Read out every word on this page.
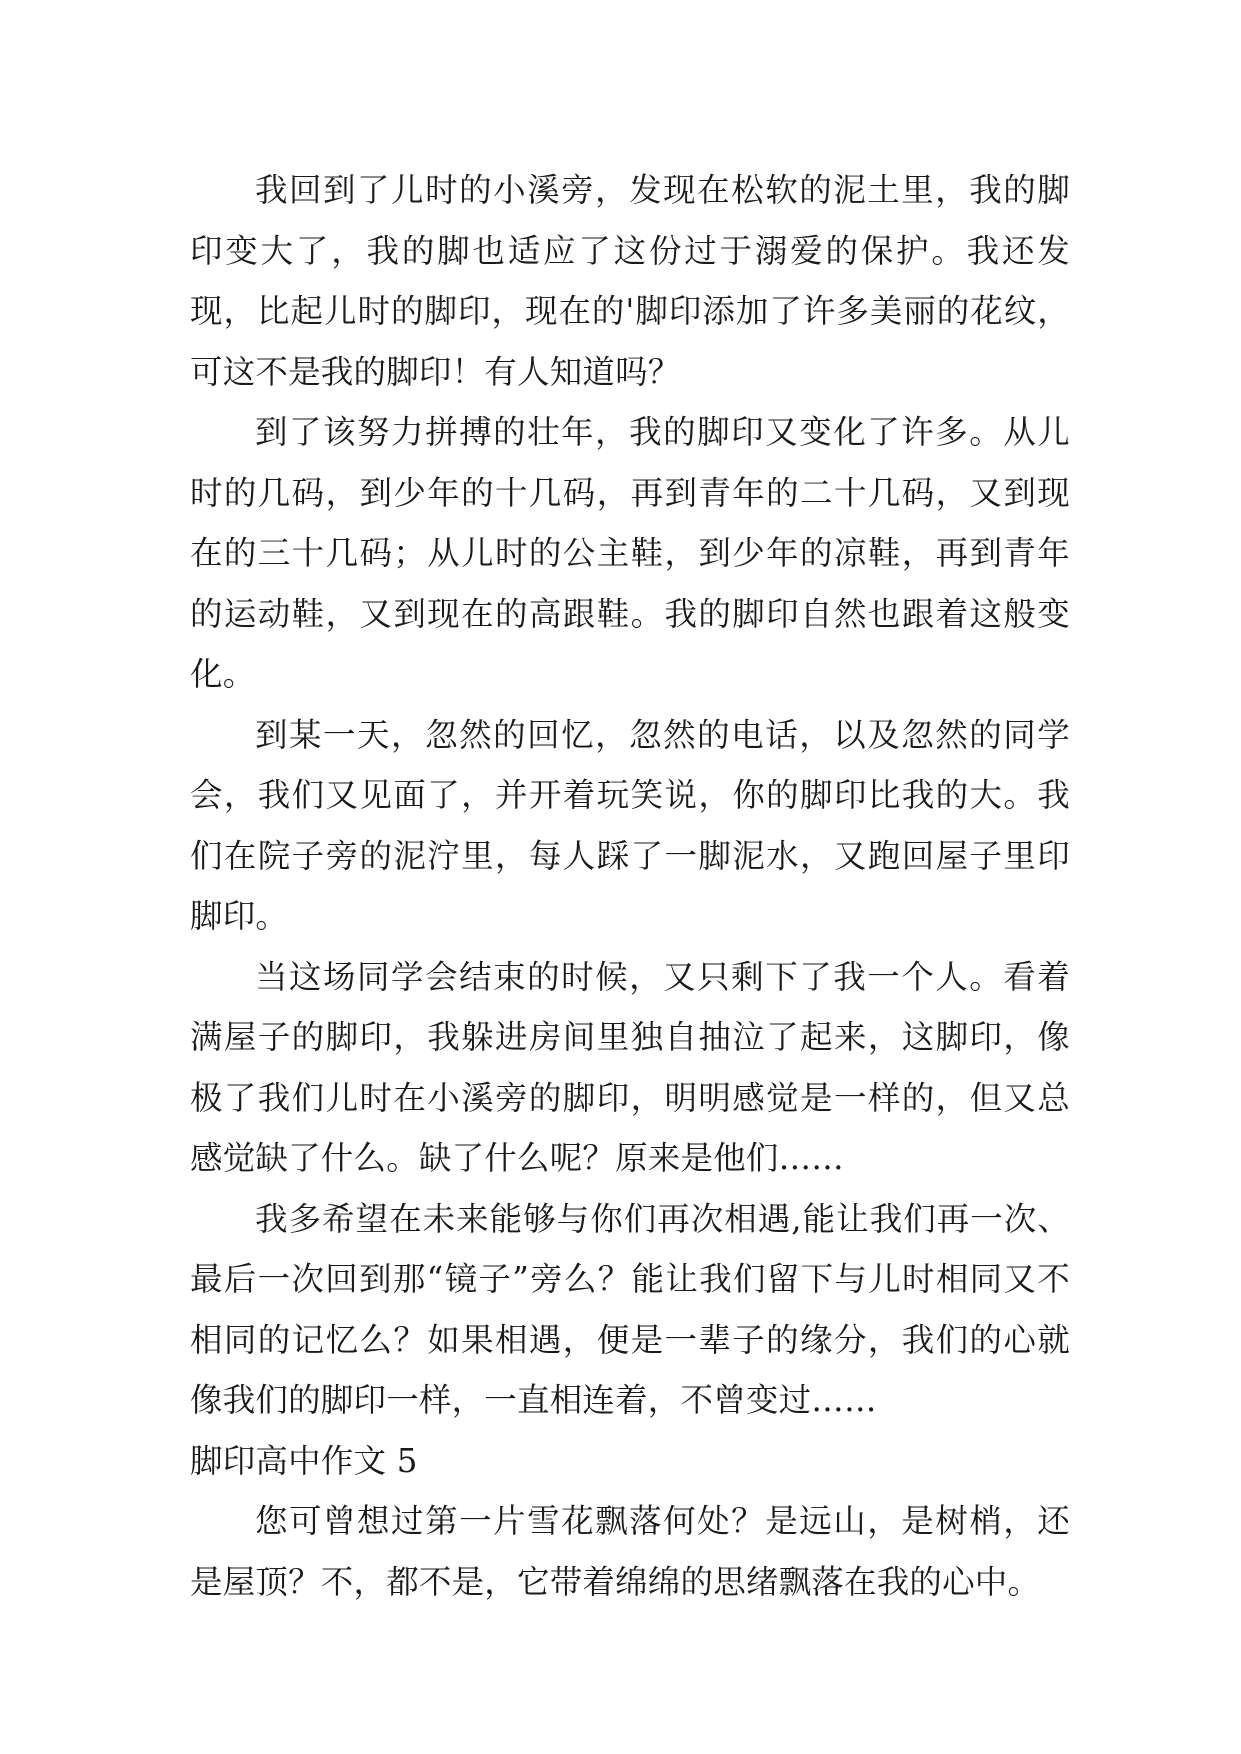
我回到了儿时的小溪旁，发现在松软的泥土里，我的脚印变大了，我的脚也适应了这份过于溺爱的保护。我还发现，比起儿时的脚印，现在的'脚印添加了许多美丽的花纹，可这不是我的脚印！有人知道吗？

到了该努力拼搏的壮年，我的脚印又变化了许多。从儿时的几码，到少年的十几码，再到青年的二十几码，又到现在的三十几码；从儿时的公主鞋，到少年的凉鞋，再到青年的运动鞋，又到现在的高跟鞋。我的脚印自然也跟着这般变化。

到某一天，忽然的回忆，忽然的电话，以及忽然的同学会，我们又见面了，并开着玩笑说，你的脚印比我的大。我们在院子旁的泥泞里，每人踩了一脚泥水，又跑回屋子里印脚印。

当这场同学会结束的时候，又只剩下了我一个人。看着满屋子的脚印，我躲进房间里独自抽泣了起来，这脚印，像极了我们儿时在小溪旁的脚印，明明感觉是一样的，但又总感觉缺了什么。缺了什么呢？原来是他们……

我多希望在未来能够与你们再次相遇,能让我们再一次、最后一次回到那“镜子”旁么？能让我们留下与儿时相同又不相同的记忆么？如果相遇，便是一辈子的缘分，我们的心就像我们的脚印一样，一直相连着，不曾变过……

脚印高中作文 5

您可曾想过第一片雪花飘落何处？是远山，是树梢，还是屋顶？不，都不是，它带着绵绵的思绪飘落在我的心中。
